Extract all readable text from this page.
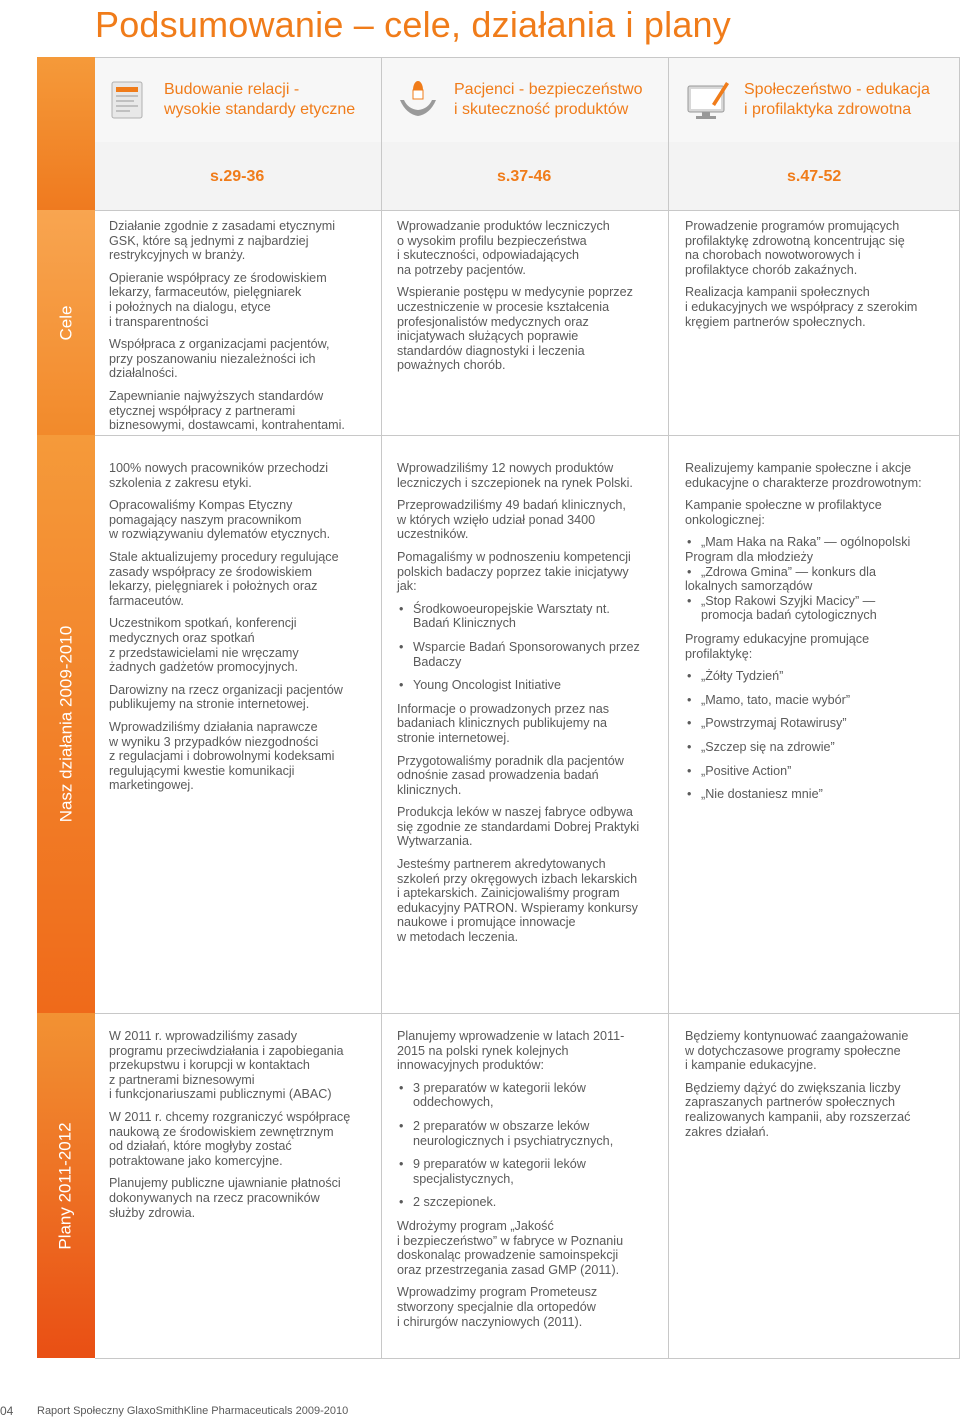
Podsumowanie – cele, działania i plany
Cele
Nasz działania 2009-2010
Plany 2011-2012
Budowanie relacji -
wysokie standardy etyczne
Pacjenci - bezpieczeństwo
i skuteczność produktów
Społeczeństwo - edukacja
i profilaktyka zdrowotna
s.29-36	s.37-46	s.47-52

Działanie zgodnie z zasadami etycznymi
GSK, które są jednymi z najbardziej
restrykcyjnych w branży.

Opieranie współpracy ze środowiskiem
lekarzy, farmaceutów, pielęgniarek
i położnych na dialogu, etyce
i transparentności

Współpraca z organizacjami pacjentów,
przy poszanowaniu niezależności ich
działalności.

Zapewnianie najwyższych standardów
etycznej współpracy z partnerami
biznesowymi, dostawcami, kontrahentami.

Wprowadzanie produktów leczniczych
o wysokim profilu bezpieczeństwa
i skuteczności, odpowiadających
na potrzeby pacjentów.

Wspieranie postępu w medycynie poprzez
uczestniczenie w procesie kształcenia
profesjonalistów medycznych oraz
inicjatywach służących poprawie
standardów diagnostyki i leczenia
poważnych chorób.

Prowadzenie programów promujących
profilaktykę zdrowotną koncentrując się
na chorobach nowotworowych i
profilaktyce chorób zakaźnych.

Realizacja kampanii społecznych
i edukacyjnych we współpracy z szerokim
kręgiem partnerów społecznych.

100% nowych pracowników przechodzi
szkolenia z zakresu etyki.

Opracowaliśmy Kompas Etyczny
pomagający naszym pracownikom
w rozwiązywaniu dylematów etycznych.

Stale aktualizujemy procedury regulujące
zasady współpracy ze środowiskiem
lekarzy, pielęgniarek i położnych oraz
farmaceutów.

Uczestnikom spotkań, konferencji
medycznych oraz spotkań
z przedstawicielami nie wręczamy
żadnych gadżetów promocyjnych.

Darowizny na rzecz organizacji pacjentów
publikujemy na stronie internetowej.

Wprowadziliśmy działania naprawcze
w wyniku 3 przypadków niezgodności
z regulacjami i dobrowolnymi kodeksami
regulującymi kwestie komunikacji
marketingowej.

Wprowadziliśmy 12 nowych produktów
leczniczych i szczepionek na rynek Polski.

Przeprowadziliśmy 49 badań klinicznych,
w których wzięło udział ponad 3400
uczestników.

Pomagaliśmy w podnoszeniu kompetencji
polskich badaczy poprzez takie inicjatywy
jak:

• Środkowoeuropejskie Warsztaty nt.
Badań Klinicznych
• Wsparcie Badań Sponsorowanych przez
Badaczy
• Young Oncologist Initiative

Informacje o prowadzonych przez nas
badaniach klinicznych publikujemy na
stronie internetowej.

Przygotowaliśmy poradnik dla pacjentów
odnośnie zasad prowadzenia badań
klinicznych.

Produkcja leków w naszej fabryce odbywa
się zgodnie ze standardami Dobrej Praktyki
Wytwarzania.

Jesteśmy partnerem akredytowanych
szkoleń przy okręgowych izbach lekarskich
i aptekarskich. Zainicjowaliśmy program
edukacyjny PATRON. Wspieramy konkursy
naukowe i promujące innowacje
w metodach leczenia.

Realizujemy kampanie społeczne i akcje
edukacyjne o charakterze prozdrowotnym:

Kampanie społeczne w profilaktyce
onkologicznej:

• „Mam Haka na Raka” — ogólnopolski
Program dla młodzieży
• „Zdrowa Gmina” — konkurs dla
lokalnych samorządów
• „Stop Rakowi Szyjki Macicy” —
promocja badań cytologicznych

Programy edukacyjne promujące
profilaktykę:

• „Żółty Tydzień”
• „Mamo, tato, macie wybór”
• „Powstrzymaj Rotawirusy”
• „Szczep się na zdrowie”
• „Positive Action”
• „Nie dostaniesz mnie”

W 2011 r. wprowadziliśmy zasady
programu przeciwdziałania i zapobiegania
przekupstwu i korupcji w kontaktach
z partnerami biznesowymi
i funkcjonariuszami publicznymi (ABAC)

W 2011 r. chcemy rozgraniczyć współpracę
naukową ze środowiskiem zewnętrznym
od działań, które mogłyby zostać
potraktowane jako komercyjne.

Planujemy publiczne ujawnianie płatności
dokonywanych na rzecz pracowników
służby zdrowia.

Planujemy wprowadzenie w latach 2011-
2015 na polski rynek kolejnych
innowacyjnych produktów:

• 3 preparatów w kategorii leków
oddechowych,
• 2 preparatów w obszarze leków
neurologicznych i psychiatrycznych,
• 9 preparatów w kategorii leków
specjalistycznych,
• 2 szczepionek.

Wdrożymy program „Jakość
i bezpieczeństwo” w fabryce w Poznaniu
doskonaląc prowadzenie samoinspekcji
oraz przestrzegania zasad GMP (2011).

Wprowadzimy program Prometeusz
stworzony specjalnie dla ortopedów
i chirurgów naczyniowych (2011).

Będziemy kontynuować zaangażowanie
w dotychczasowe programy społeczne
i kampanie edukacyjne.

Będziemy dążyć do zwiększania liczby
zapraszanych partnerów społecznych
realizowanych kampanii, aby rozszerzać
zakres działań.

04 Raport Społeczny GlaxoSmithKline Pharmaceuticals 2009-2010
